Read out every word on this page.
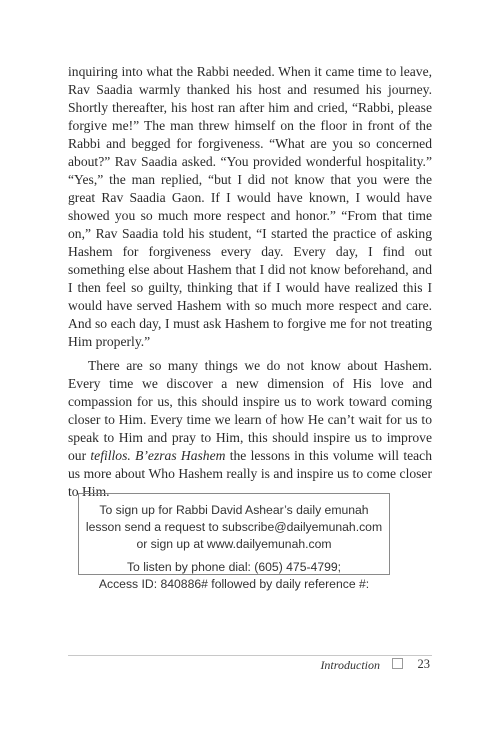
inquiring into what the Rabbi needed. When it came time to leave, Rav Saadia warmly thanked his host and resumed his journey. Shortly thereafter, his host ran after him and cried, “Rabbi, please forgive me!” The man threw himself on the floor in front of the Rabbi and begged for forgiveness. “What are you so concerned about?” Rav Saadia asked. “You provided wonderful hospitality.” “Yes,” the man replied, “but I did not know that you were the great Rav Saadia Gaon. If I would have known, I would have showed you so much more respect and honor.” “From that time on,” Rav Saadia told his student, “I started the practice of asking Hashem for forgiveness every day. Every day, I find out something else about Hashem that I did not know beforehand, and I then feel so guilty, thinking that if I would have realized this I would have served Hashem with so much more respect and care. And so each day, I must ask Hashem to forgive me for not treating Him properly.”

There are so many things we do not know about Hashem. Every time we discover a new dimension of His love and compassion for us, this should inspire us to work toward coming closer to Him. Every time we learn of how He can’t wait for us to speak to Him and pray to Him, this should inspire us to improve our tefillos. B’ezras Hashem the lessons in this volume will teach us more about Who Hashem really is and inspire us to come closer to Him.

To sign up for Rabbi David Ashear’s daily emunah
lesson send a request to subscribe@dailyemunah.com
or sign up at www.dailyemunah.com
To listen by phone dial: (605) 475-4799;
Access ID: 840886# followed by daily reference #:
Introduction	23
